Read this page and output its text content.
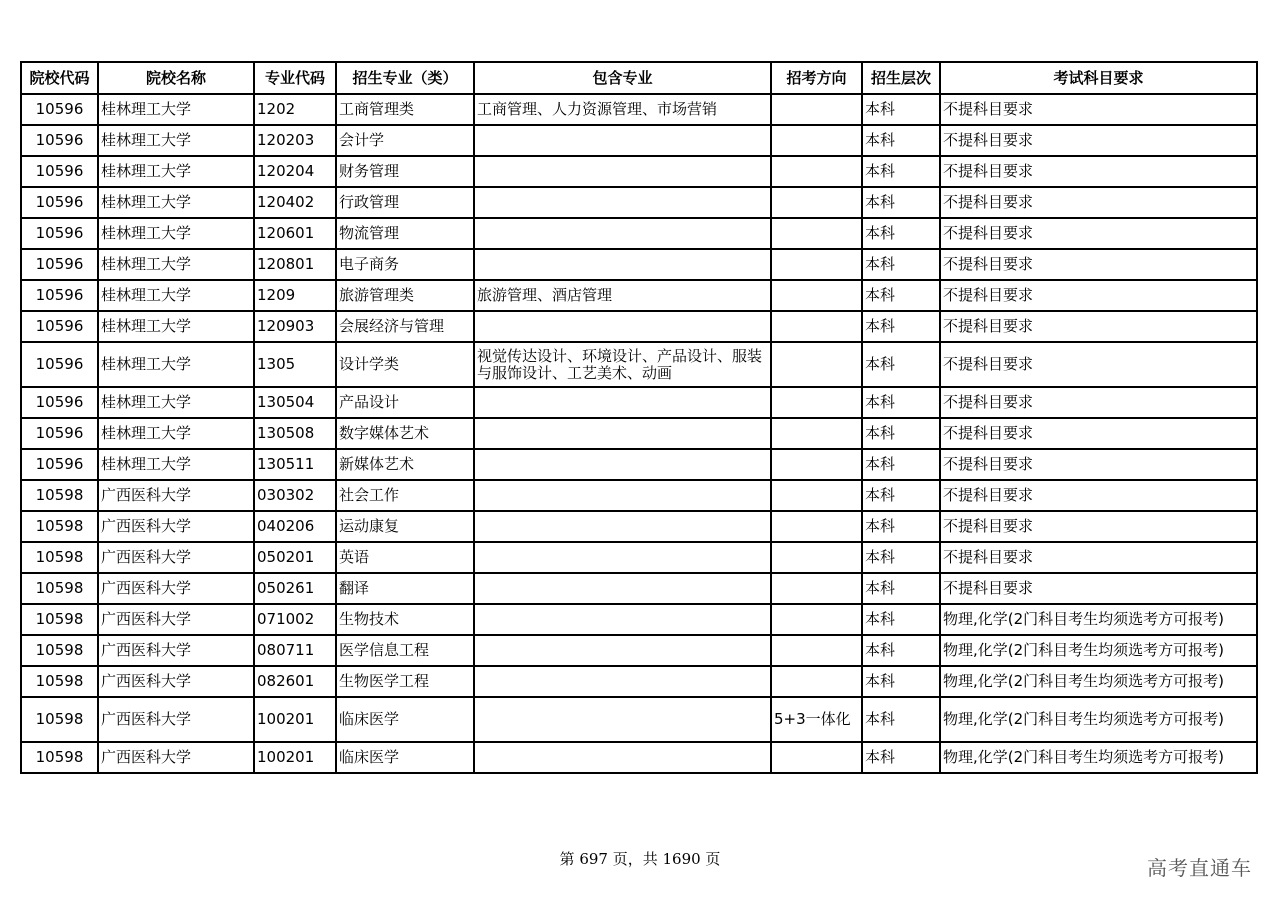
院校代码	院校名称	专业代码	招生专业（类）	包含专业	招考方向	招生层次	考试科目要求
10596	桂林理工大学	1202	工商管理类	工商管理、人力资源管理、市场营销		本科	不提科目要求
10596	桂林理工大学	120203	会计学			本科	不提科目要求
10596	桂林理工大学	120204	财务管理			本科	不提科目要求
10596	桂林理工大学	120402	行政管理			本科	不提科目要求
10596	桂林理工大学	120601	物流管理			本科	不提科目要求
10596	桂林理工大学	120801	电子商务			本科	不提科目要求
10596	桂林理工大学	1209	旅游管理类	旅游管理、酒店管理		本科	不提科目要求
10596	桂林理工大学	120903	会展经济与管理			本科	不提科目要求
10596	桂林理工大学	1305	设计学类	视觉传达设计、环境设计、产品设计、服装与服饰设计、工艺美术、动画		本科	不提科目要求
10596	桂林理工大学	130504	产品设计			本科	不提科目要求
10596	桂林理工大学	130508	数字媒体艺术			本科	不提科目要求
10596	桂林理工大学	130511	新媒体艺术			本科	不提科目要求
10598	广西医科大学	030302	社会工作			本科	不提科目要求
10598	广西医科大学	040206	运动康复			本科	不提科目要求
10598	广西医科大学	050201	英语			本科	不提科目要求
10598	广西医科大学	050261	翻译			本科	不提科目要求
10598	广西医科大学	071002	生物技术			本科	物理,化学(2门科目考生均须选考方可报考)
10598	广西医科大学	080711	医学信息工程			本科	物理,化学(2门科目考生均须选考方可报考)
10598	广西医科大学	082601	生物医学工程			本科	物理,化学(2门科目考生均须选考方可报考)
10598	广西医科大学	100201	临床医学		5+3一体化	本科	物理,化学(2门科目考生均须选考方可报考)
10598	广西医科大学	100201	临床医学			本科	物理,化学(2门科目考生均须选考方可报考)
第 697 页，共 1690 页	高考直通车
